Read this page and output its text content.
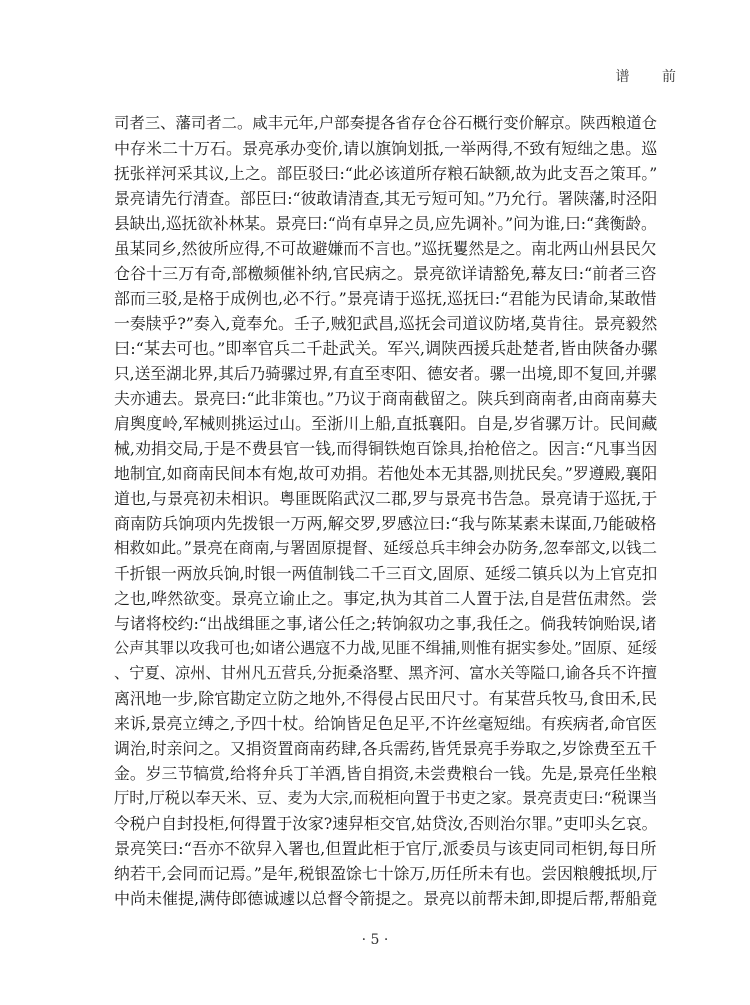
谱 前
司者三、藩司者二。咸丰元年,户部奏提各省存仓谷石概行变价解京。陕西粮道仓
中存米二十万石。景亮承办变价,请以旗饷划抵,一举两得,不致有短绌之患。巡
抚张祥河采其议,上之。部臣驳曰:“此必该道所存粮石缺额,故为此支吾之策耳。”
景亮请先行清查。部臣曰:“彼敢请清查,其无亏短可知。”乃允行。署陕藩,时泾阳
县缺出,巡抚欲补林某。景亮曰:“尚有卓异之员,应先调补。”问为谁,曰:“龚衡龄。
虽某同乡,然彼所应得,不可故避嫌而不言也。”巡抚矍然是之。南北两山州县民欠
仓谷十三万有奇,部檄频催补纳,官民病之。景亮欲详请豁免,幕友曰:“前者三咨
部而三驳,是格于成例也,必不行。”景亮请于巡抚,巡抚曰:“君能为民请命,某敢惜
一奏牍乎?”奏入,竟奉允。壬子,贼犯武昌,巡抚会司道议防堵,莫肯往。景亮毅然
曰:“某去可也。”即率官兵二千赴武关。军兴,调陕西援兵赴楚者,皆由陕备办骡
只,送至湖北界,其后乃骑骡过界,有直至枣阳、德安者。骡一出境,即不复回,并骡
夫亦逋去。景亮曰:“此非策也。”乃议于商南截留之。陕兵到商南者,由商南募夫
肩舆度岭,军械则挑运过山。至浙川上船,直抵襄阳。自是,岁省骡万计。民间藏
械,劝捐交局,于是不费县官一钱,而得铜铁炮百馀具,抬枪倍之。因言:“凡事当因
地制宜,如商南民间本有炮,故可劝捐。若他处本无其器,则扰民矣。”罗遵殿,襄阳
道也,与景亮初未相识。粤匪既陷武汉二郡,罗与景亮书告急。景亮请于巡抚,于
商南防兵饷项内先拨银一万两,解交罗,罗感泣曰:“我与陈某素未谋面,乃能破格
相救如此。”景亮在商南,与署固原提督、延绥总兵丰绅会办防务,忽奉部文,以钱二
千折银一两放兵饷,时银一两值制钱二千三百文,固原、延绥二镇兵以为上官克扣
之也,哗然欲变。景亮立谕止之。事定,执为其首二人置于法,自是营伍肃然。尝
与诸将校约:“出战缉匪之事,诸公任之;转饷叙功之事,我任之。倘我转饷贻误,诸
公声其罪以攻我可也;如诸公遇寇不力战,见匪不缉捕,则惟有据实参处。”固原、延绥
、宁夏、凉州、甘州凡五营兵,分扼桑洛墅、黑齐河、富水关等隘口,谕各兵不许擅
离汛地一步,除官勘定立防之地外,不得侵占民田尺寸。有某营兵牧马,食田禾,民
来诉,景亮立缚之,予四十杖。给饷皆足色足平,不许丝毫短绌。有疾病者,命官医
调治,时亲问之。又捐资置商南药肆,各兵需药,皆凭景亮手券取之,岁馀费至五千
金。岁三节犒赏,给将弁兵丁羊酒,皆自捐资,未尝费粮台一钱。先是,景亮任坐粮
厅时,厅税以奉天米、豆、麦为大宗,而税柜向置于书吏之家。景亮责吏曰:“税课当
令税户自封投柜,何得置于汝家?速舁柜交官,姑贷汝,否则治尔罪。”吏叩头乞哀。
景亮笑曰:“吾亦不欲舁入署也,但置此柜于官厅,派委员与该吏同司柜钥,每日所
纳若干,会同而记焉。”是年,税银盈馀七十馀万,历任所未有也。尝因粮艘抵坝,厅
中尚未催提,满侍郎德诚遽以总督令箭提之。景亮以前帮未卸,即提后帮,帮船竟
· 5 ·
